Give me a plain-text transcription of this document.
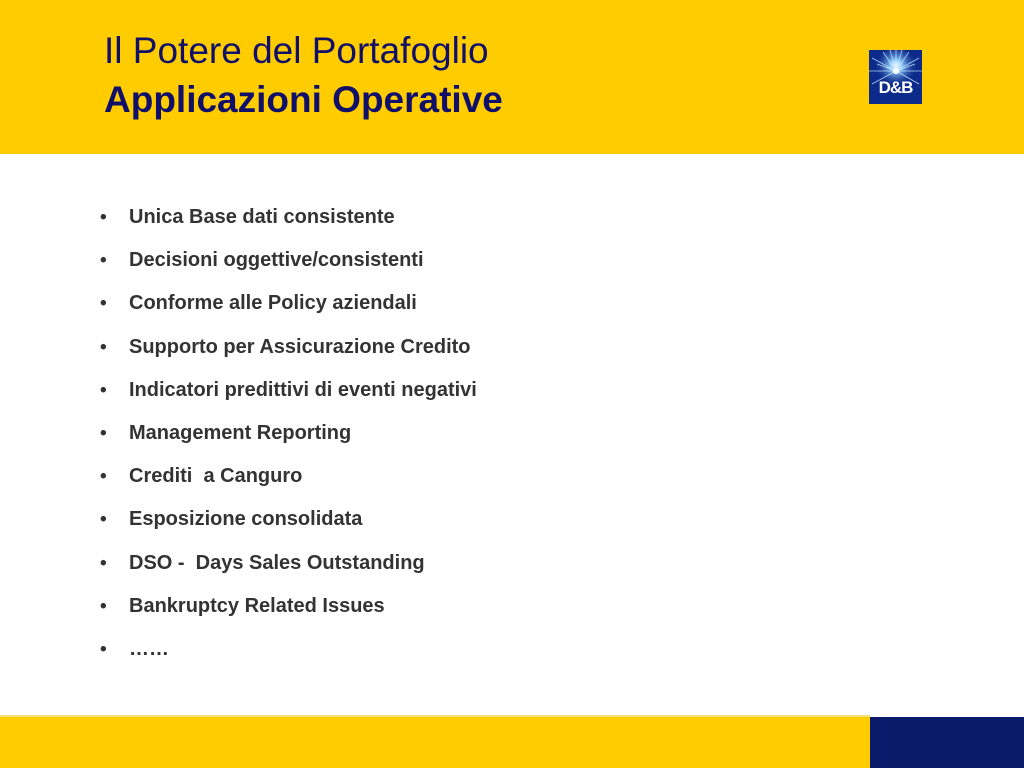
Il Potere del Portafoglio
Applicazioni Operative	D&B
• Unica Base dati consistente
• Decisioni oggettive/consistenti
• Conforme alle Policy aziendali
• Supporto per Assicurazione Credito
• Indicatori predittivi di eventi negativi
• Management Reporting
• Crediti  a Canguro
• Esposizione consolidata
• DSO -  Days Sales Outstanding
• Bankruptcy Related Issues
• ……
